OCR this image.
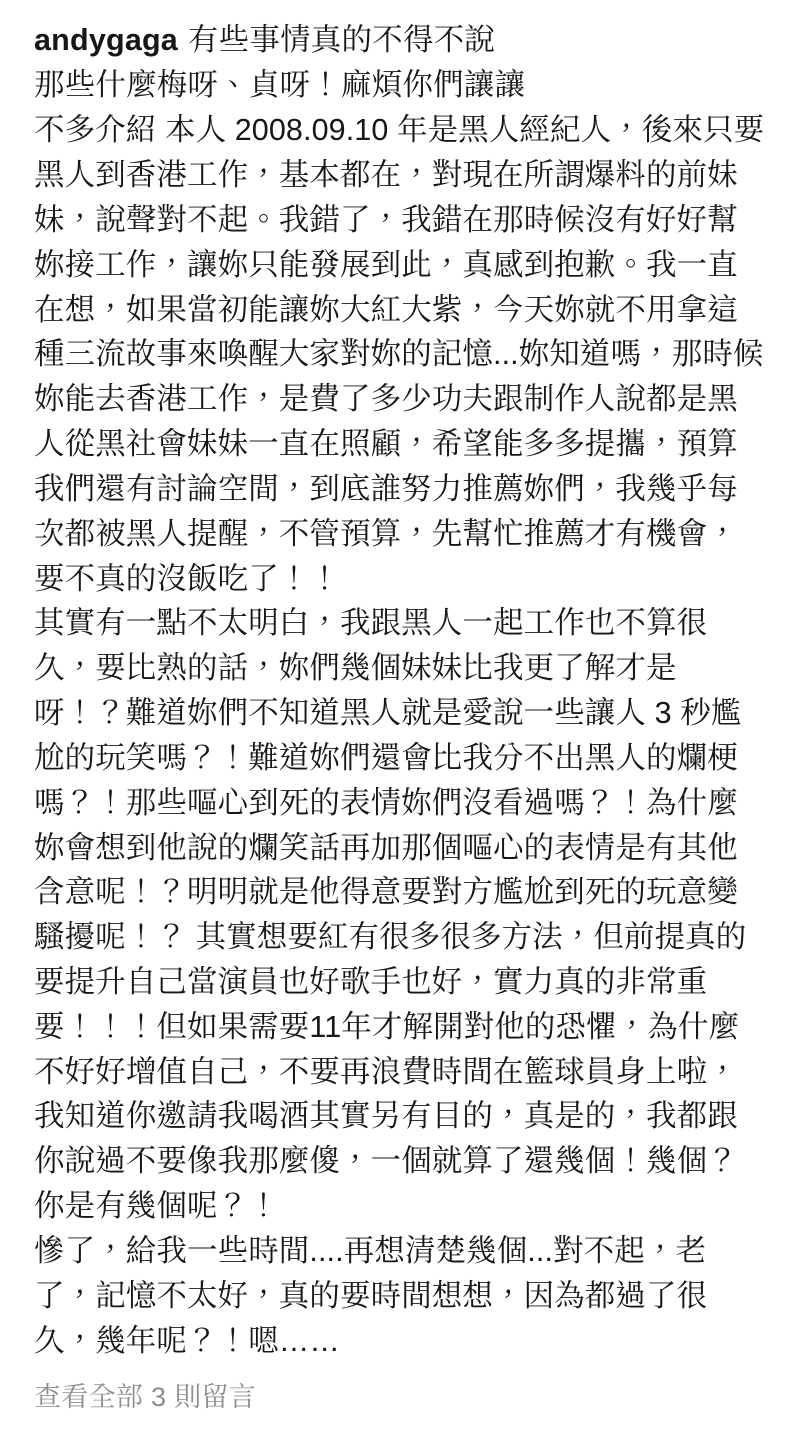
andygaga 有些事情真的不得不說

那些什麼梅呀、貞呀！麻煩你們讓讓

不多介紹 本人 2008.09.10 年是黑人經紀人，後來只要黑人到香港工作，基本都在，對現在所謂爆料的前妹妹，說聲對不起。我錯了，我錯在那時候沒有好好幫妳接工作，讓妳只能發展到此，真感到抱歉。我一直在想，如果當初能讓妳大紅大紫，今天妳就不用拿這種三流故事來喚醒大家對妳的記憶...妳知道嗎，那時候妳能去香港工作，是費了多少功夫跟制作人說都是黑人從黑社會妹妹一直在照顧，希望能多多提攜，預算我們還有討論空間，到底誰努力推薦妳們，我幾乎每次都被黑人提醒，不管預算，先幫忙推薦才有機會，要不真的沒飯吃了！！

其實有一點不太明白，我跟黑人一起工作也不算很久，要比熟的話，妳們幾個妹妹比我更了解才是呀！？難道妳們不知道黑人就是愛說一些讓人 3 秒尷尬的玩笑嗎？！難道妳們還會比我分不出黑人的爛梗嗎？！那些嘔心到死的表情妳們沒看過嗎？！為什麼妳會想到他說的爛笑話再加那個嘔心的表情是有其他含意呢！？明明就是他得意要對方尷尬到死的玩意變騷擾呢！？ 其實想要紅有很多很多方法，但前提真的要提升自己當演員也好歌手也好，實力真的非常重要！！！但如果需要11年才解開對他的恐懼，為什麼不好好增值自己，不要再浪費時間在籃球員身上啦，我知道你邀請我喝酒其實另有目的，真是的，我都跟你說過不要像我那麼傻，一個就算了還幾個！幾個？你是有幾個呢？！

慘了，給我一些時間....再想清楚幾個...對不起，老了，記憶不太好，真的要時間想想，因為都過了很久，幾年呢？！嗯……

查看全部 3 則留言
